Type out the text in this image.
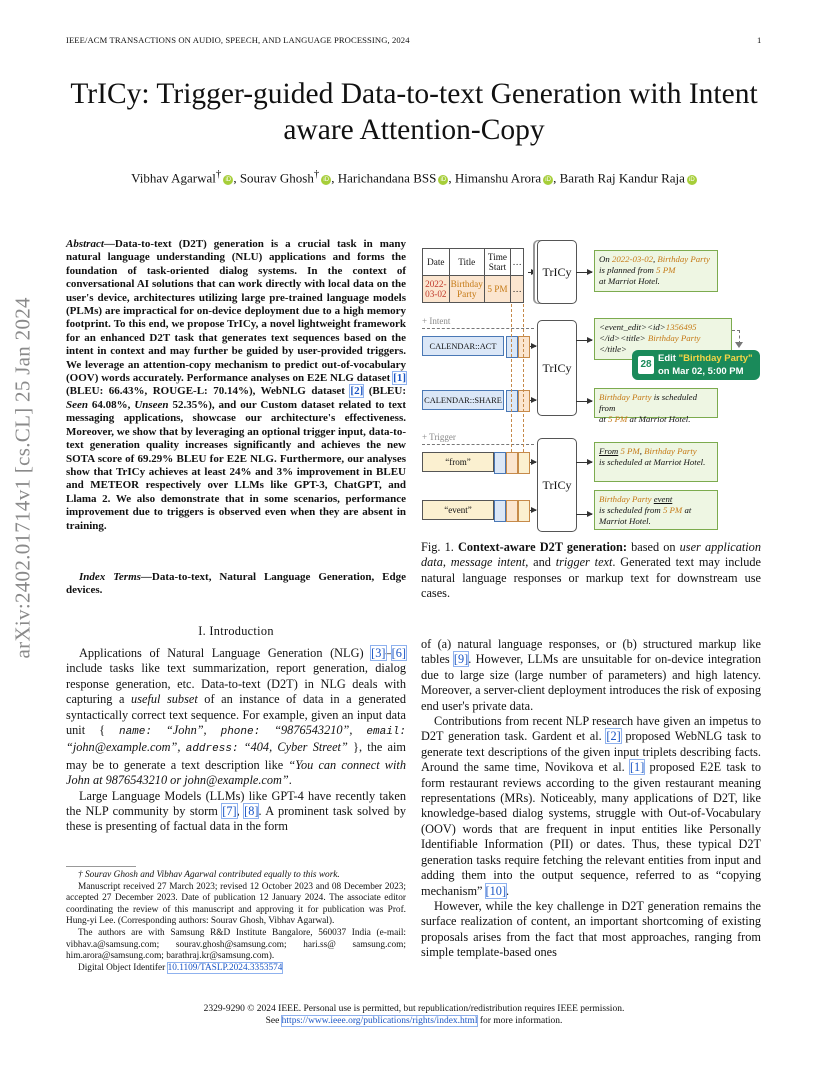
IEEE/ACM TRANSACTIONS ON AUDIO, SPEECH, AND LANGUAGE PROCESSING, 2024	1
TrICy: Trigger-guided Data-to-text Generation with Intent aware Attention-Copy
Vibhav Agarwal† iD , Sourav Ghosh† iD , Harichandana BSS iD , Himanshu Arora iD , Barath Raj Kandur RajaiD
arXiv:2402.01714v1 [cs.CL] 25 Jan 2024
Abstract—Data-to-text (D2T) generation is a crucial task in many natural language understanding (NLU) applications and forms the foundation of task-oriented dialog systems. In the context of conversational AI solutions that can work directly with local data on the user's device, architectures utilizing large pre-trained language models (PLMs) are impractical for on-device deployment due to a high memory footprint. To this end, we propose TrICy, a novel lightweight framework for an enhanced D2T task that generates text sequences based on the intent in context and may further be guided by user-provided triggers. We leverage an attention-copy mechanism to predict out-of-vocabulary (OOV) words accurately. Performance analyses on E2E NLG dataset [1] (BLEU: 66.43%, ROUGE-L: 70.14%), WebNLG dataset [2] (BLEU: Seen 64.08%, Unseen 52.35%), and our Custom dataset related to text messaging applications, showcase our architecture's effectiveness. Moreover, we show that by leveraging an optional trigger input, data-to-text generation quality increases significantly and achieves the new SOTA score of 69.29% BLEU for E2E NLG. Furthermore, our analyses show that TrICy achieves at least 24% and 3% improvement in BLEU and METEOR respectively over LLMs like GPT-3, ChatGPT, and Llama 2. We also demonstrate that in some scenarios, performance improvement due to triggers is observed even when they are absent in training.
Index Terms—Data-to-text, Natural Language Generation, Edge devices.
I. Introduction

Applications of Natural Language Generation (NLG) [3]–[6] include tasks like text summarization, report generation, dialog response generation, etc. Data-to-text (D2T) in NLG deals with capturing a useful subset of an instance of data in a generated syntactically correct text sequence. For example, given an input data unit { name: “John”, phone: “9876543210”, email: “john@example.com”, address: “404, Cyber Street” }, the aim may be to generate a text description like “You can connect with John at 9876543210 or john@example.com”.

Large Language Models (LLMs) like GPT-4 have recently taken the NLP community by storm [7], [8]. A prominent task solved by these is presenting of factual data in the form

† Sourav Ghosh and Vibhav Agarwal contributed equally to this work.
Manuscript received 27 March 2023; revised 12 October 2023 and 08 December 2023; accepted 27 December 2023. Date of publication 12 January 2024. The associate editor coordinating the review of this manuscript and approving it for publication was Prof. Hung-yi Lee. (Corresponding authors: Sourav Ghosh, Vibhav Agarwal).
The authors are with Samsung R&D Institute Bangalore, 560037 India (e-mail: vibhav.a@samsung.com; sourav.ghosh@samsung.com; hari.ss@ samsung.com; him.arora@samsung.com; barathraj.kr@samsung.com).
Digital Object Identifer 10.1109/TASLP.2024.3353574
Date	Title	Time Start	…
2022-03-02	Birthday Party	5 PM	…
TrICy
TrICy
TrICy
+ Intent
CALENDAR::ACT
CALENDAR::SHARE
+ Trigger
“from”
“event”
On 2022-03-02, Birthday Party
is planned from 5 PM
at Marriot Hotel.
<event_edit><id>1356495
</id><title> Birthday Party
</title>
28
Edit "Birthday Party"
on Mar 02, 5:00 PM
Birthday Party is scheduled from
at 5 PM at Marriot Hotel.
From 5 PM, Birthday Party
is scheduled at Marriot Hotel.
Birthday Party event
is scheduled from 5 PM at Marriot Hotel.
Fig. 1. Context-aware D2T generation: based on user application data, message intent, and trigger text. Generated text may include natural language responses or markup text for downstream use cases.

of (a) natural language responses, or (b) structured markup like tables [9]. However, LLMs are unsuitable for on-device integration due to large size (large number of parameters) and high latency. Moreover, a server-client deployment introduces the risk of exposing end user's private data.

Contributions from recent NLP research have given an impetus to D2T generation task. Gardent et al. [2] proposed WebNLG task to generate text descriptions of the given input triplets describing facts. Around the same time, Novikova et al. [1] proposed E2E task to form restaurant reviews according to the given restaurant meaning representations (MRs). Noticeably, many applications of D2T, like knowledge-based dialog systems, struggle with Out-of-Vocabulary (OOV) words that are frequent in input entities like Personally Identifiable Information (PII) or dates. Thus, these typical D2T generation tasks require fetching the relevant entities from input and adding them into the output sequence, referred to as “copying mechanism” [10].

However, while the key challenge in D2T generation remains the surface realization of content, an important shortcoming of existing proposals arises from the fact that most approaches, ranging from simple template-based ones

2329-9290 © 2024 IEEE. Personal use is permitted, but republication/redistribution requires IEEE permission.
See https://www.ieee.org/publications/rights/index.html for more information.
